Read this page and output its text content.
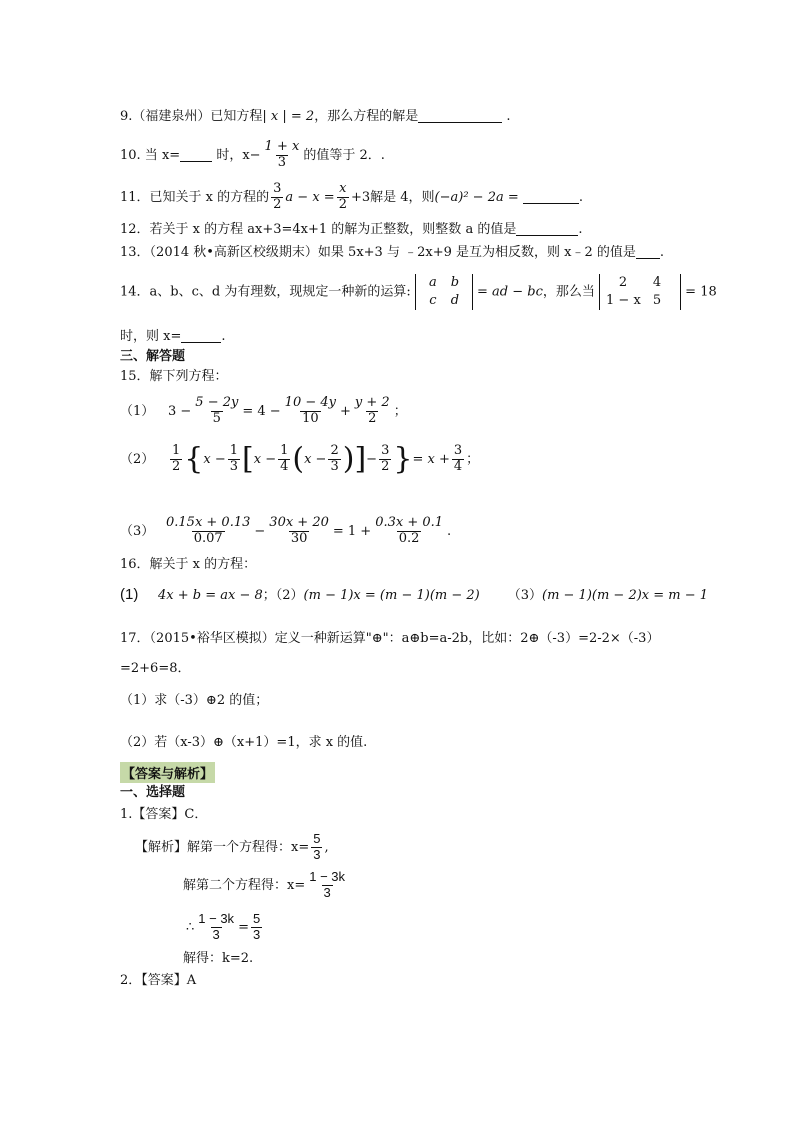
9.（福建泉州）已知方程| x | = 2，那么方程的解是	.
10. 当 x=	时，$x- \frac{1 + x}{3}$ 的值等于 2．.
11．已知关于 x 的方程的 $\frac{3}{2}$ $a - x = \frac{x}{2} +3$解是 4，则(−a)² − 2a =	.
12．若关于 x 的方程 ax+3=4x+1 的解为正整数，则整数 a 的值是	.
13．（2014 秋•高新区校级期末）如果 5x+3 与 ﹣2x+9 是互为相反数，则 x﹣2 的值是 .
14．a、b、c、d 为有理数，现规定一种新的运算:
a b
c d
= ad − bc，那么当
2 4
1 − x 5
= 18
时，则 x=	.
三、解答题
15．解下列方程：
（1） $3 - \frac{5 - 2y}{5} = 4 - \frac{10 - 4y}{10} + \frac{y + 2}{2}$ ；
$(2) \frac{1}{2} \{x - \frac{1}{3} [x - \frac{1}{4} (x - \frac{2}{3}$ )]− $\frac{3}{2}$ }= $x + \frac{3}{4}$ ；
$(3) \frac{0.15x + 0.13}{0.07} - \frac{30x + 20}{30} = 1 + \frac{0.3x + 0.1}{0.2}$ .
16．解关于 x 的方程：
(1) 4x + b = ax − 8；（2）(m − 1)x = (m − 1)(m − 2) （3）(m − 1)(m − 2)x = m − 1
17．（2015•裕华区模拟）定义一种新运算"⊕"：a⊕b=a-2b，比如：2⊕（-3）=2-2×（-3）
=2+6=8．
（1）求（-3）⊕2 的值；
（2）若（x-3）⊕（x+1）=1，求 x 的值.
【答案与解析】
一、选择题
1.【答案】C．
【解析】解第一个方程得：$x= \frac{5}{3}$ ,
解第二个方程得：$x= \frac{1 - 3k}{3}$
∴ $\frac{1 - 3k}{3} = \frac{5}{3}$
解得：k=2.
2．【答案】A
